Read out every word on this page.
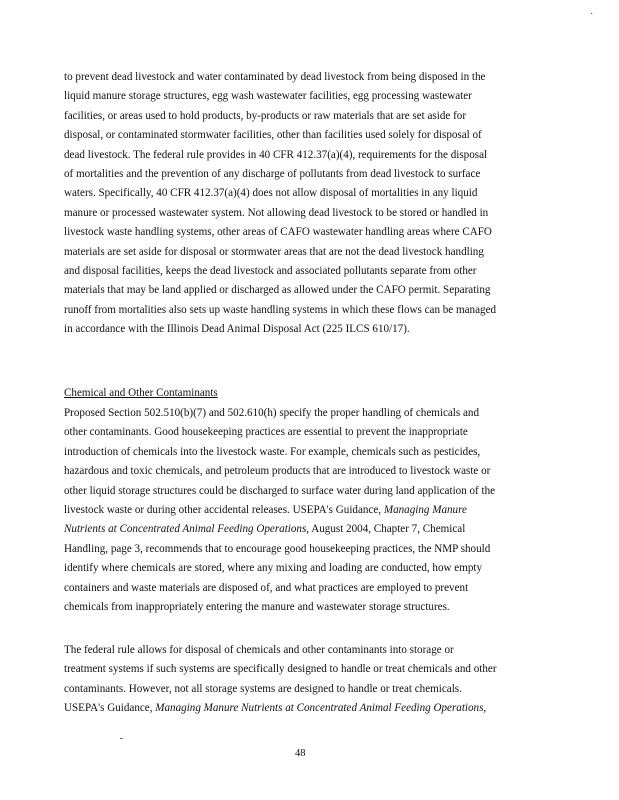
·
to prevent dead livestock and water contaminated by dead livestock from being disposed in the
liquid manure storage structures, egg wash wastewater facilities, egg processing wastewater
facilities, or areas used to hold products, by-products or raw materials that are set aside for
disposal, or contaminated stormwater facilities, other than facilities used solely for disposal of
dead livestock. The federal rule provides in 40 CFR 412.37(a)(4), requirements for the disposal
of mortalities and the prevention of any discharge of pollutants from dead livestock to surface
waters. Specifically, 40 CFR 412.37(a)(4) does not allow disposal of mortalities in any liquid
manure or processed wastewater system. Not allowing dead livestock to be stored or handled in
livestock waste handling systems, other areas of CAFO wastewater handling areas where CAFO
materials are set aside for disposal or stormwater areas that are not the dead livestock handling
and disposal facilities, keeps the dead livestock and associated pollutants separate from other
materials that may be land applied or discharged as allowed under the CAFO permit. Separating
runoff from mortalities also sets up waste handling systems in which these flows can be managed
in accordance with the Illinois Dead Animal Disposal Act (225 ILCS 610/17).
Chemical and Other Contaminants
Proposed Section 502.510(b)(7) and 502.610(h) specify the proper handling of chemicals and
other contaminants. Good housekeeping practices are essential to prevent the inappropriate
introduction of chemicals into the livestock waste. For example, chemicals such as pesticides,
hazardous and toxic chemicals, and petroleum products that are introduced to livestock waste or
other liquid storage structures could be discharged to surface water during land application of the
livestock waste or during other accidental releases. USEPA's Guidance, Managing Manure
Nutrients at Concentrated Animal Feeding Operations, August 2004, Chapter 7, Chemical
Handling, page 3, recommends that to encourage good housekeeping practices, the NMP should
identify where chemicals are stored, where any mixing and loading are conducted, how empty
containers and waste materials are disposed of, and what practices are employed to prevent
chemicals from inappropriately entering the manure and wastewater storage structures.
The federal rule allows for disposal of chemicals and other contaminants into storage or
treatment systems if such systems are specifically designed to handle or treat chemicals and other
contaminants. However, not all storage systems are designed to handle or treat chemicals.
USEPA's Guidance, Managing Manure Nutrients at Concentrated Animal Feeding Operations,
48
